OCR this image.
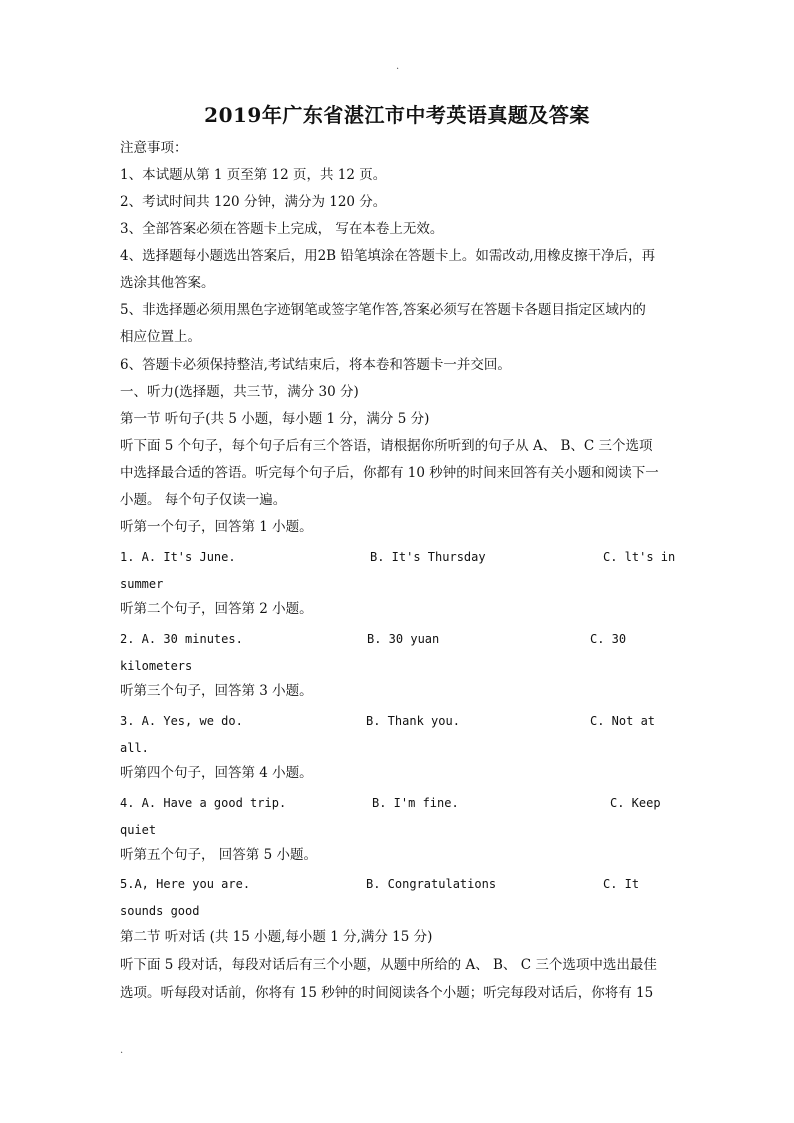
.
2019年广东省湛江市中考英语真题及答案
注意事项：
1、本试题从第 1 页至第 12 页，共 12 页。
2、考试时间共 120 分钟，满分为 120 分。
3、全部答案必须在答题卡上完成， 写在本卷上无效。
4、选择题每小题选出答案后，用2B 铅笔填涂在答题卡上。如需改动,用橡皮擦干净后，再
选涂其他答案。
5、非选择题必须用黑色字迹钢笔或签字笔作答,答案必须写在答题卡各题目指定区域内的
相应位置上。
6、答题卡必须保持整洁,考试结束后，将本卷和答题卡一并交回。
一、听力(选择题，共三节，满分 30 分)
第一节 听句子(共 5 小题，每小题 1 分，满分 5 分)
听下面 5 个句子，每个句子后有三个答语，请根据你所听到的句子从 A、 B、C 三个选项
中选择最合适的答语。听完每个句子后，你都有 10 秒钟的时间来回答有关小题和阅读下一
小题。 每个句子仅读一遍。
听第一个句子，回答第 1 小题。
1. A. It's June.	B. It's Thursday	C. lt's in
summer
听第二个句子，回答第 2 小题。
2. A. 30 minutes.	B. 30 yuan	C. 30
kilometers
听第三个句子，回答第 3 小题。
3. A. Yes, we do.	B. Thank you.	C. Not at
all.
听第四个句子，回答第 4 小题。
4. A. Have a good trip.	B. I'm fine.	C. Keep
quiet
听第五个句子， 回答第 5 小题。
5.A, Here you are.	B. Congratulations	C. It
sounds good
第二节 听对话 (共 15 小题,每小题 1 分,满分 15 分)
听下面 5 段对话，每段对话后有三个小题，从题中所给的 A、 B、 C 三个选项中选出最佳
选项。听每段对话前，你将有 15 秒钟的时间阅读各个小题；听完每段对话后，你将有 15
.
